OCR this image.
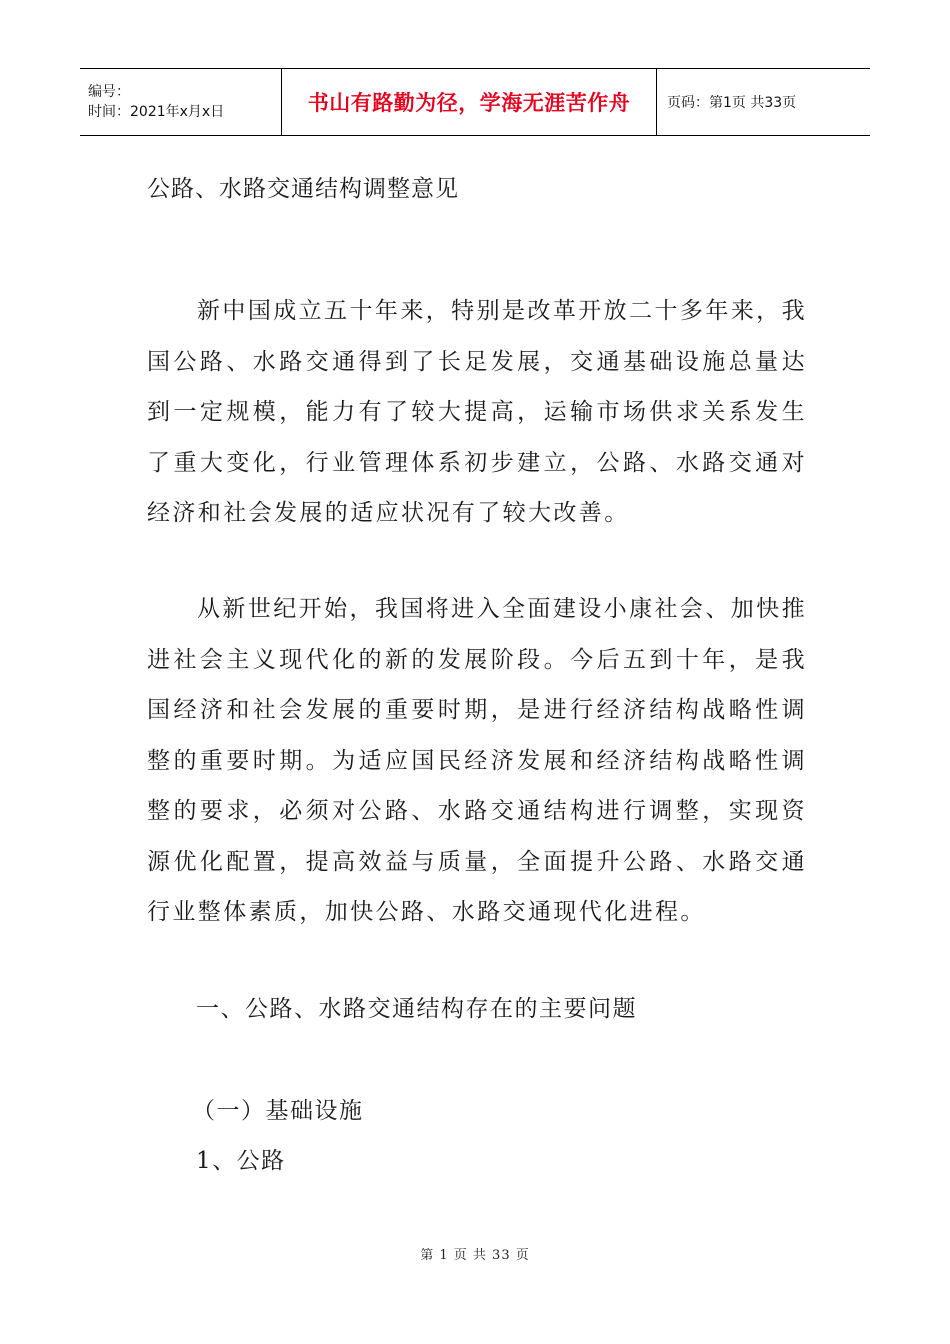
编号：
时间：2021年x月x日	书山有路勤为径，学海无涯苦作舟	页码：第1页 共33页
公路、水路交通结构调整意见

新中国成立五十年来，特别是改革开放二十多年来，我国公路、水路交通得到了长足发展，交通基础设施总量达到一定规模，能力有了较大提高，运输市场供求关系发生了重大变化，行业管理体系初步建立，公路、水路交通对经济和社会发展的适应状况有了较大改善。

从新世纪开始，我国将进入全面建设小康社会、加快推进社会主义现代化的新的发展阶段。今后五到十年，是我国经济和社会发展的重要时期，是进行经济结构战略性调整的重要时期。为适应国民经济发展和经济结构战略性调整的要求，必须对公路、水路交通结构进行调整，实现资源优化配置，提高效益与质量，全面提升公路、水路交通行业整体素质，加快公路、水路交通现代化进程。

一、公路、水路交通结构存在的主要问题
（一）基础设施
1、公路
第 1 页 共 33 页
